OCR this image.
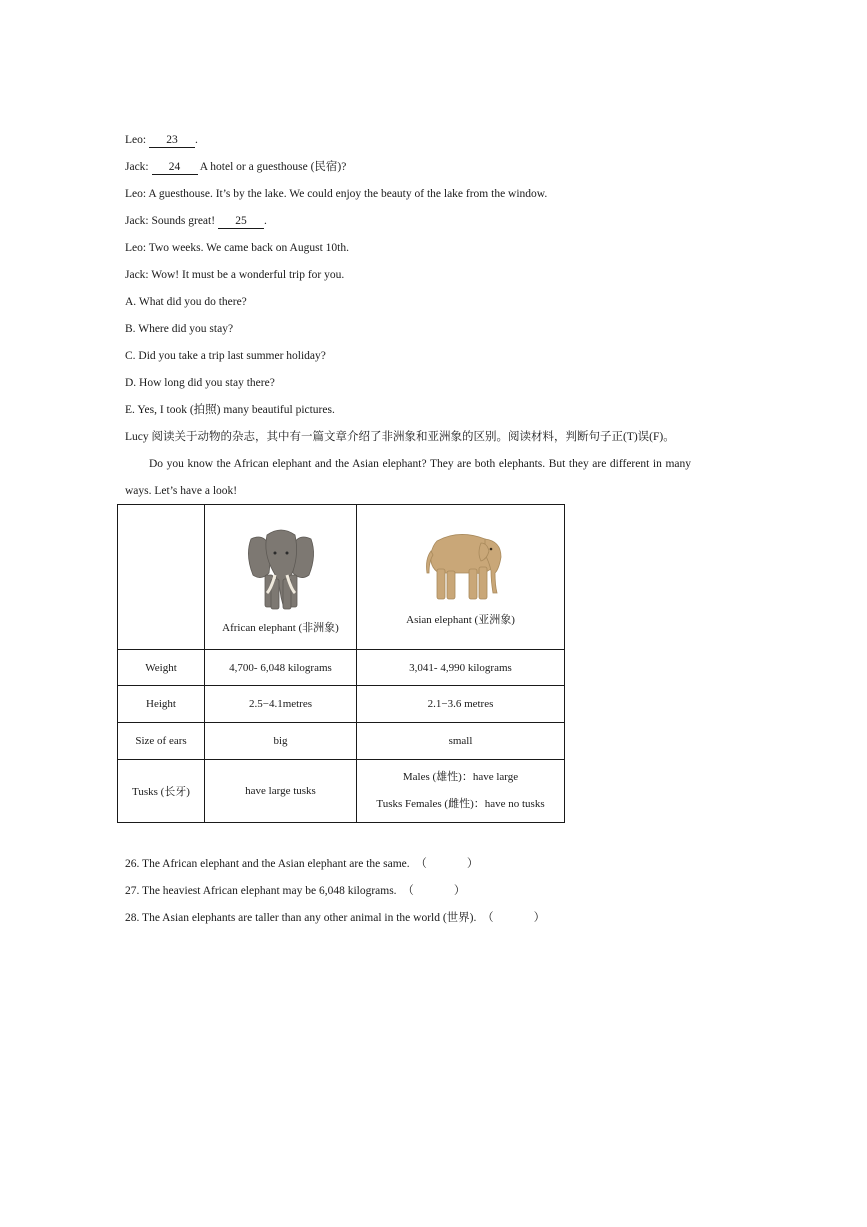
Leo: 23 .
Jack: 24 A hotel or a guesthouse (民宿)?
Leo: A guesthouse. It’s by the lake. We could enjoy the beauty of the lake from the window.
Jack: Sounds great! 25 .
Leo: Two weeks. We came back on August 10th.
Jack: Wow! It must be a wonderful trip for you.
A. What did you do there?
B. Where did you stay?
C. Did you take a trip last summer holiday?
D. How long did you stay there?
E. Yes, I took (拍照) many beautiful pictures.
Lucy 阅读关于动物的杂志，其中有一篇文章介绍了非洲象和亚洲象的区别。阅读材料，判断句子正(T)误(F)。
Do you know the African elephant and the Asian elephant? They are both elephants. But they are different in many ways. Let’s have a look!

	African elephant (非洲象)	Asian elephant (亚洲象)

Weight	4,700- 6,048 kilograms	3,041- 4,990 kilograms
Height	2.5−4.1metres	2.1−3.6 metres
Size of ears	big	small
Tusks (长牙)	have large tusks	Males (雄性)：have large
Tusks Females (雌性)：have no tusks
26. The African elephant and the Asian elephant are the same. （	）
27. The heaviest African elephant may be 6,048 kilograms. （	）
28. The Asian elephants are taller than any other animal in the world (世界). （	）
